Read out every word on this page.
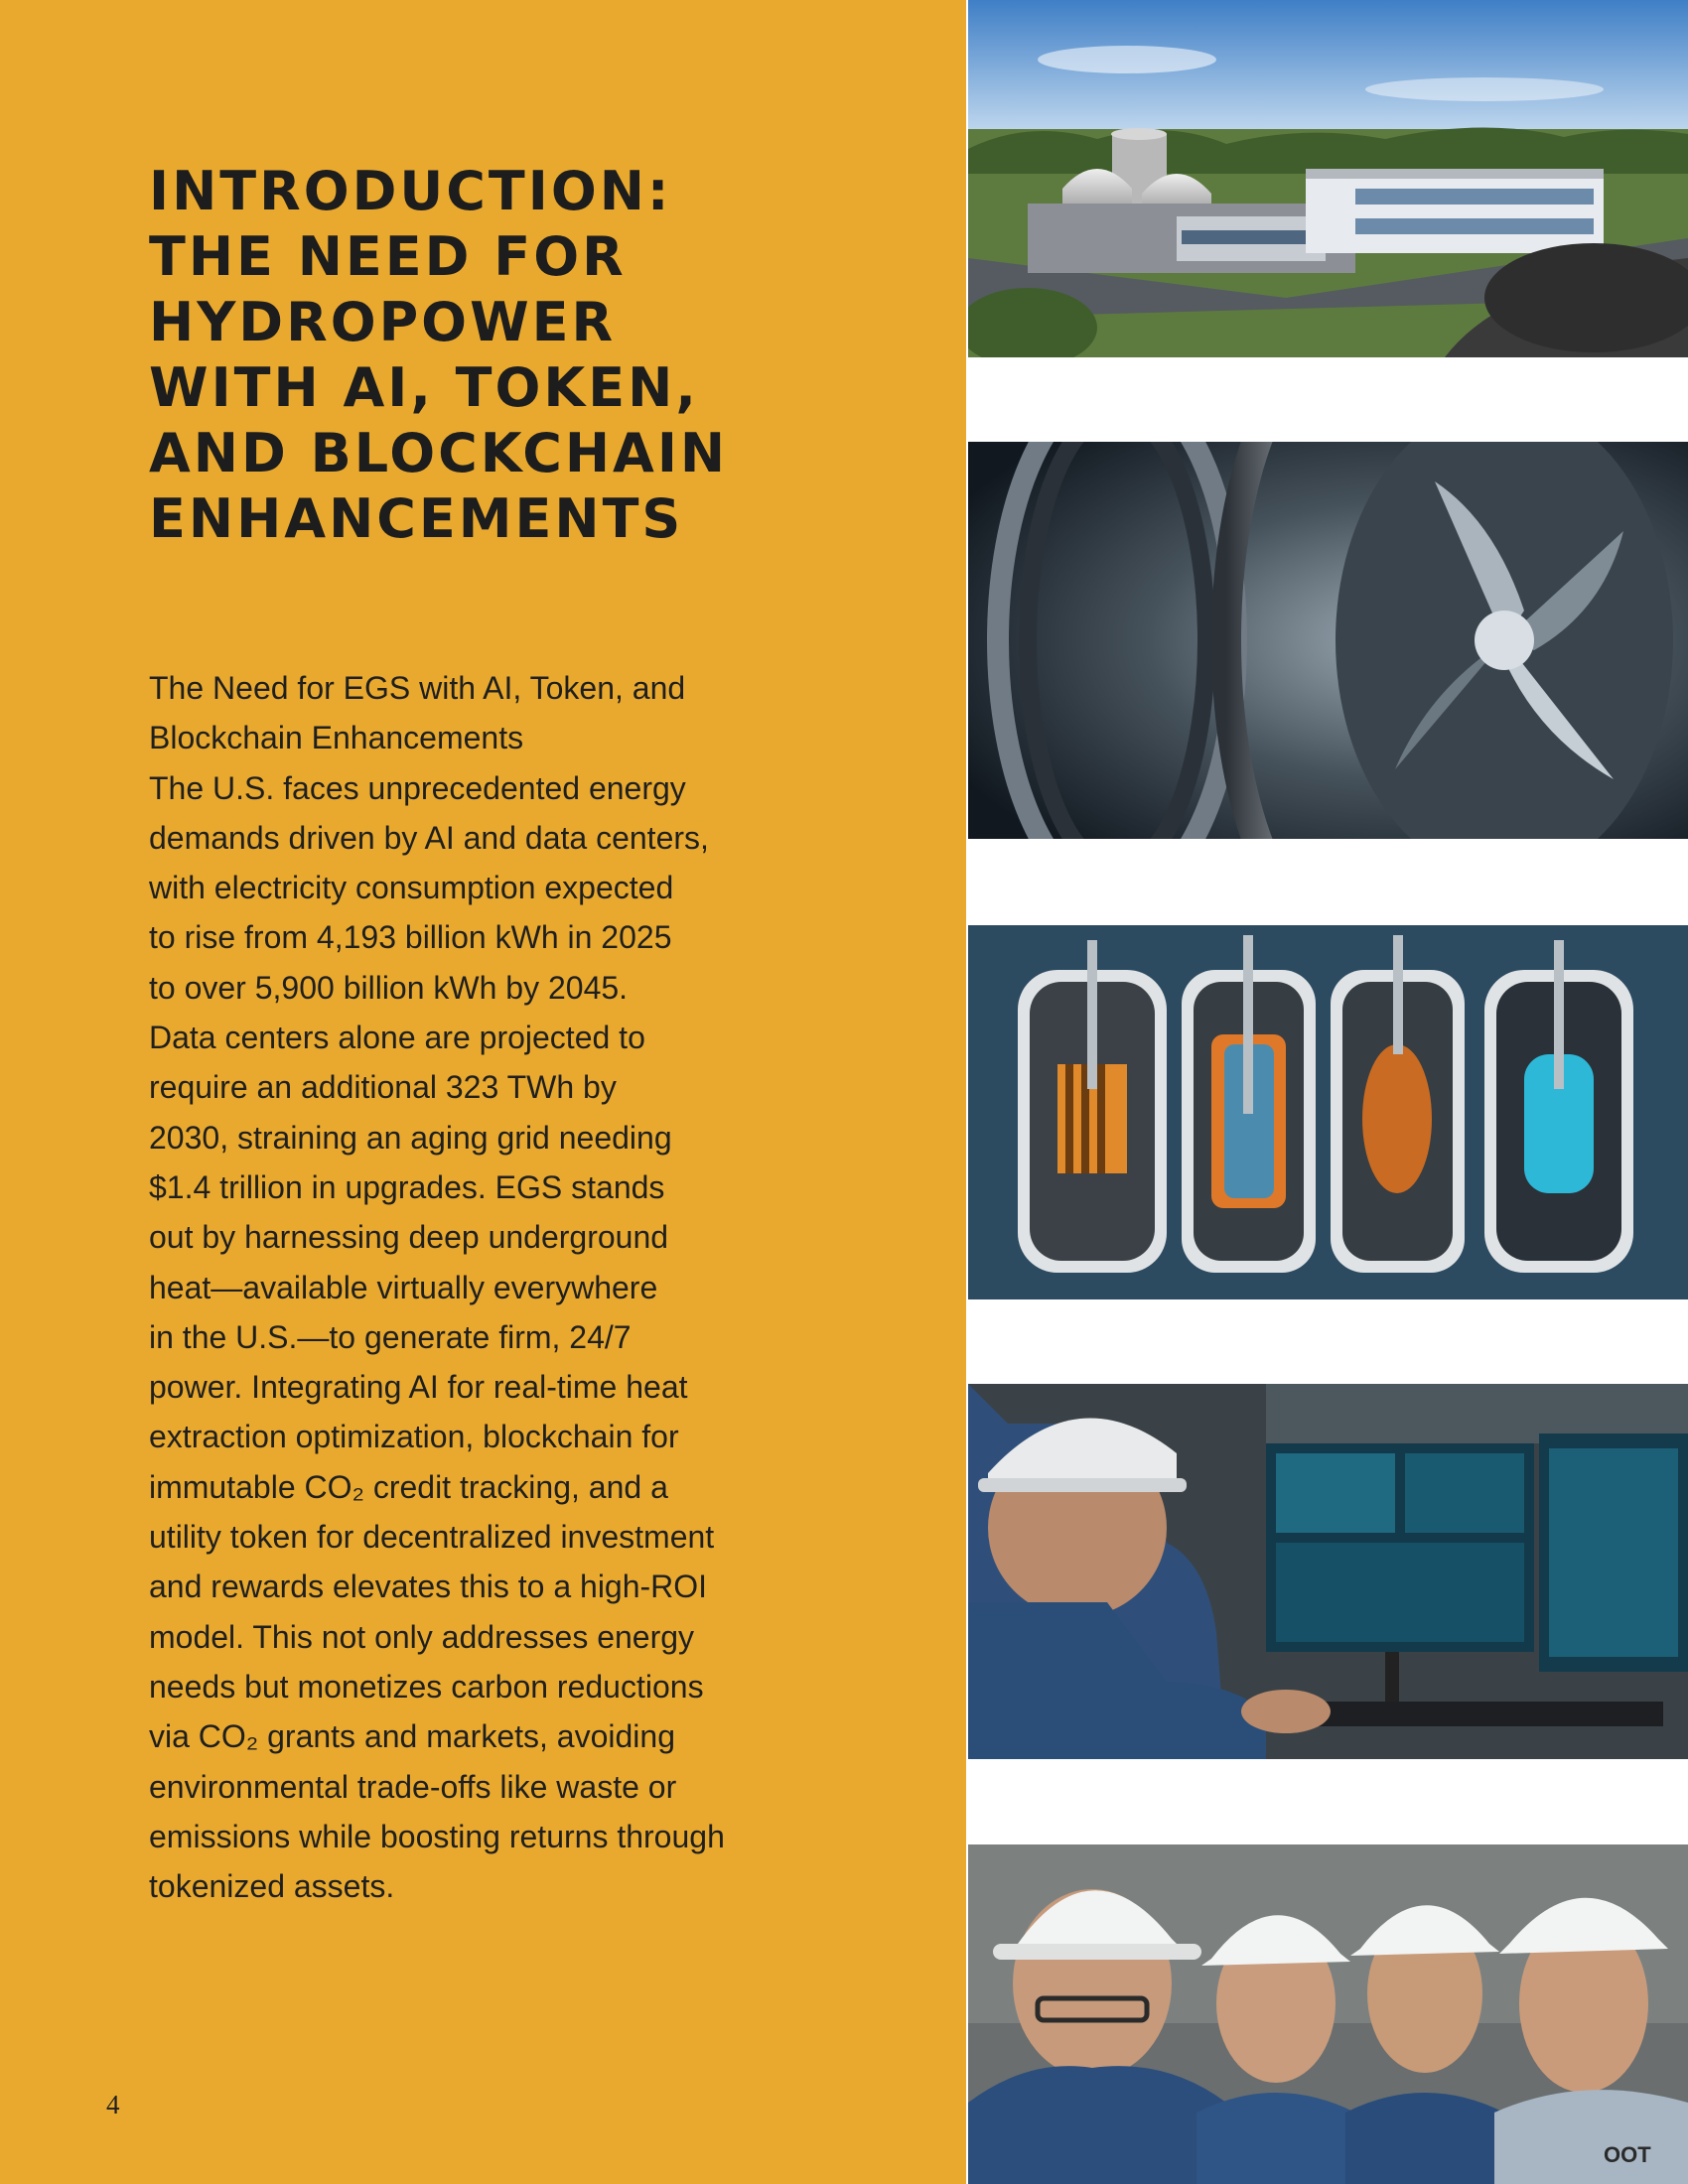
INTRODUCTION:
THE NEED FOR
HYDROPOWER
WITH AI, TOKEN,
AND BLOCKCHAIN
ENHANCEMENTS
The Need for EGS with AI, Token, and
Blockchain Enhancements
The U.S. faces unprecedented energy
demands driven by AI and data centers,
with electricity consumption expected
to rise from 4,193 billion kWh in 2025
to over 5,900 billion kWh by 2045.
Data centers alone are projected to
require an additional 323 TWh by
2030, straining an aging grid needing
$1.4 trillion in upgrades. EGS stands
out by harnessing deep underground
heat—available virtually everywhere
in the U.S.—to generate firm, 24/7
power. Integrating AI for real-time heat
extraction optimization, blockchain for
immutable CO₂ credit tracking, and a
utility token for decentralized investment
and rewards elevates this to a high-ROI
model. This not only addresses energy
needs but monetizes carbon reductions
via CO₂ grants and markets, avoiding
environmental trade-offs like waste or
emissions while boosting returns through
tokenized assets.
4
OOT
